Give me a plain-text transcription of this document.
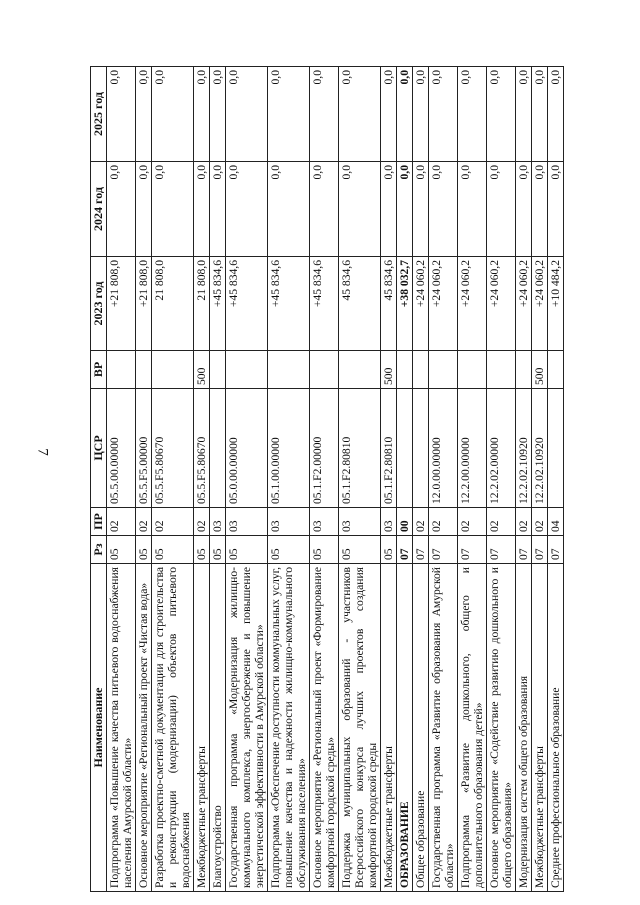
7
Наименование	Рз	ПР	ЦСР	ВР	2023 год	2024 год	2025 год
Подпрограмма «Повышение качества питьевого водоснабжения населения Амурской области»	05	02	05.5.00.00000		+21 808,0	0,0	0,0
Основное мероприятие «Региональный проект «Чистая вода»	05	02	05.5.F5.00000		+21 808,0	0,0	0,0
Разработка проектно-сметной документации для строительства и реконструкции (модернизации) объектов питьевого водоснабжения	05	02	05.5.F5.80670		21 808,0	0,0	0,0
Межбюджетные трансферты	05	02	05.5.F5.80670	500	21 808,0	0,0	0,0
Благоустройство	05	03			+45 834,6	0,0	0,0
Государственная программа «Модернизация жилищно-коммунального комплекса, энергосбережение и повышение энергетической эффективности в Амурской области»	05	03	05.0.00.00000		+45 834,6	0,0	0,0
Подпрограмма «Обеспечение доступности коммунальных услуг, повышение качества и надежности жилищно-коммунального обслуживания населения»	05	03	05.1.00.00000		+45 834,6	0,0	0,0
Основное мероприятие «Региональный проект «Формирование комфортной городской среды»	05	03	05.1.F2.00000		+45 834,6	0,0	0,0
Поддержка муниципальных образований - участников Всероссийского конкурса лучших проектов создания комфортной городской среды	05	03	05.1.F2.80810		45 834,6	0,0	0,0
Межбюджетные трансферты	05	03	05.1.F2.80810	500	45 834,6	0,0	0,0
ОБРАЗОВАНИЕ	07	00			+38 032,7	0,0	0,0
Общее образование	07	02			+24 060,2	0,0	0,0
Государственная программа «Развитие образования Амурской области»	07	02	12.0.00.00000		+24 060,2	0,0	0,0
Подпрограмма «Развитие дошкольного, общего и дополнительного образования детей»	07	02	12.2.00.00000		+24 060,2	0,0	0,0
Основное мероприятие «Содействие развитию дошкольного и общего образования»	07	02	12.2.02.00000		+24 060,2	0,0	0,0
Модернизация систем общего образования	07	02	12.2.02.10920		+24 060,2	0,0	0,0
Межбюджетные трансферты	07	02	12.2.02.10920	500	+24 060,2	0,0	0,0
Среднее профессиональное образование	07	04			+10 484,2	0,0	0,0
